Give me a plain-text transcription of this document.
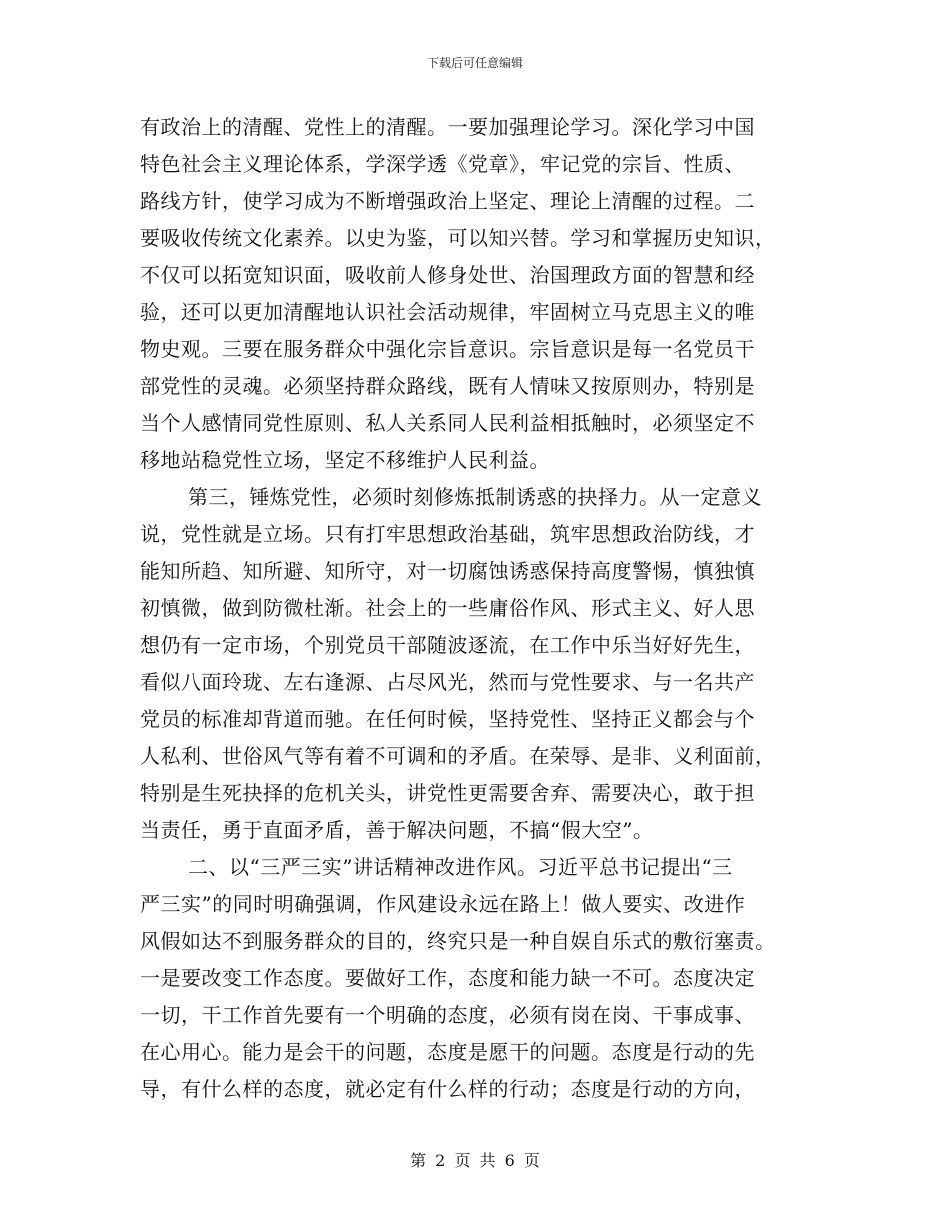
下载后可任意编辑
有政治上的清醒、党性上的清醒。一要加强理论学习。深化学习中国
特色社会主义理论体系，学深学透《党章》，牢记党的宗旨、性质、
路线方针，使学习成为不断增强政治上坚定、理论上清醒的过程。二
要吸收传统文化素养。以史为鉴，可以知兴替。学习和掌握历史知识，
不仅可以拓宽知识面，吸收前人修身处世、治国理政方面的智慧和经
验，还可以更加清醒地认识社会活动规律，牢固树立马克思主义的唯
物史观。三要在服务群众中强化宗旨意识。宗旨意识是每一名党员干
部党性的灵魂。必须坚持群众路线，既有人情味又按原则办，特别是
当个人感情同党性原则、私人关系同人民利益相抵触时，必须坚定不
移地站稳党性立场，坚定不移维护人民利益。
第三，锤炼党性，必须时刻修炼抵制诱惑的抉择力。从一定意义
说，党性就是立场。只有打牢思想政治基础，筑牢思想政治防线，才
能知所趋、知所避、知所守，对一切腐蚀诱惑保持高度警惕，慎独慎
初慎微，做到防微杜渐。社会上的一些庸俗作风、形式主义、好人思
想仍有一定市场，个别党员干部随波逐流，在工作中乐当好好先生，
看似八面玲珑、左右逢源、占尽风光，然而与党性要求、与一名共产
党员的标准却背道而驰。在任何时候，坚持党性、坚持正义都会与个
人私利、世俗风气等有着不可调和的矛盾。在荣辱、是非、义利面前，
特别是生死抉择的危机关头，讲党性更需要舍弃、需要决心，敢于担
当责任，勇于直面矛盾，善于解决问题，不搞“假大空”。
二、以“三严三实”讲话精神改进作风。习近平总书记提出“三
严三实”的同时明确强调，作风建设永远在路上！做人要实、改进作
风假如达不到服务群众的目的，终究只是一种自娱自乐式的敷衍塞责。
一是要改变工作态度。要做好工作，态度和能力缺一不可。态度决定
一切，干工作首先要有一个明确的态度，必须有岗在岗、干事成事、
在心用心。能力是会干的问题，态度是愿干的问题。态度是行动的先
导，有什么样的态度，就必定有什么样的行动；态度是行动的方向，
第 2 页 共 6 页
